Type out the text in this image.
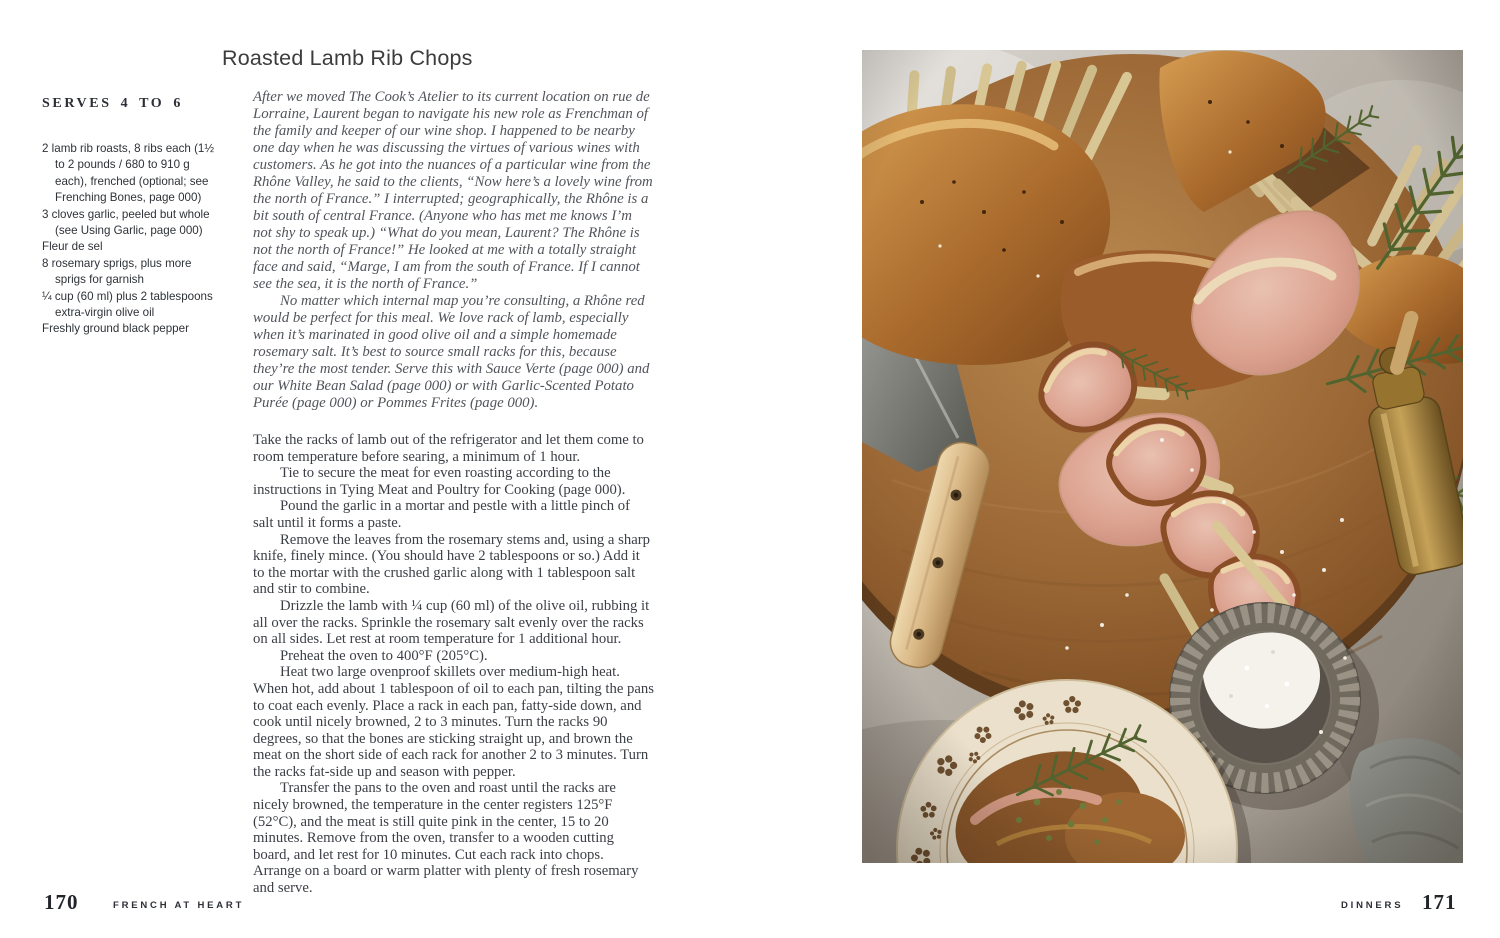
Roasted Lamb Rib Chops
SERVES 4 TO 6
2 lamb rib roasts, 8 ribs each (1½ to 2 pounds / 680 to 910 g each), frenched (optional; see Frenching Bones, page 000)
3 cloves garlic, peeled but whole (see Using Garlic, page 000)
Fleur de sel
8 rosemary sprigs, plus more sprigs for garnish
¼ cup (60 ml) plus 2 tablespoons extra-virgin olive oil
Freshly ground black pepper

After we moved The Cook’s Atelier to its current location on rue de Lorraine, Laurent began to navigate his new role as Frenchman of the family and keeper of our wine shop. I happened to be nearby one day when he was discussing the virtues of various wines with customers. As he got into the nuances of a particular wine from the Rhône Valley, he said to the clients, “Now here’s a lovely wine from the north of France.” I interrupted; geographically, the Rhône is a bit south of central France. (Anyone who has met me knows I’m not shy to speak up.) “What do you mean, Laurent? The Rhône is not the north of France!” He looked at me with a totally straight face and said, “Marge, I am from the south of France. If I cannot see the sea, it is the north of France.”

No matter which internal map you’re consulting, a Rhône red would be perfect for this meal. We love rack of lamb, especially when it’s marinated in good olive oil and a simple homemade rosemary salt. It’s best to source small racks for this, because they’re the most tender. Serve this with Sauce Verte (page 000) and our White Bean Salad (page 000) or with Garlic-Scented Potato Purée (page 000) or Pommes Frites (page 000).

Take the racks of lamb out of the refrigerator and let them come to room temperature before searing, a minimum of 1 hour.

Tie to secure the meat for even roasting according to the instructions in Tying Meat and Poultry for Cooking (page 000).

Pound the garlic in a mortar and pestle with a little pinch of salt until it forms a paste.

Remove the leaves from the rosemary stems and, using a sharp knife, finely mince. (You should have 2 tablespoons or so.) Add it to the mortar with the crushed garlic along with 1 tablespoon salt and stir to combine.

Drizzle the lamb with ¼ cup (60 ml) of the olive oil, rubbing it all over the racks. Sprinkle the rosemary salt evenly over the racks on all sides. Let rest at room temperature for 1 additional hour.

Preheat the oven to 400°F (205°C).

Heat two large ovenproof skillets over medium-high heat. When hot, add about 1 tablespoon of oil to each pan, tilting the pans to coat each evenly. Place a rack in each pan, fatty-side down, and cook until nicely browned, 2 to 3 minutes. Turn the racks 90 degrees, so that the bones are sticking straight up, and brown the meat on the short side of each rack for another 2 to 3 minutes. Turn the racks fat-side up and season with pepper.

Transfer the pans to the oven and roast until the racks are nicely browned, the temperature in the center registers 125°F (52°C), and the meat is still quite pink in the center, 15 to 20 minutes. Remove from the oven, transfer to a wooden cutting board, and let rest for 10 minutes. Cut each rack into chops. Arrange on a board or warm platter with plenty of fresh rosemary and serve.

170	FRENCH AT HEART	DINNERS 171
